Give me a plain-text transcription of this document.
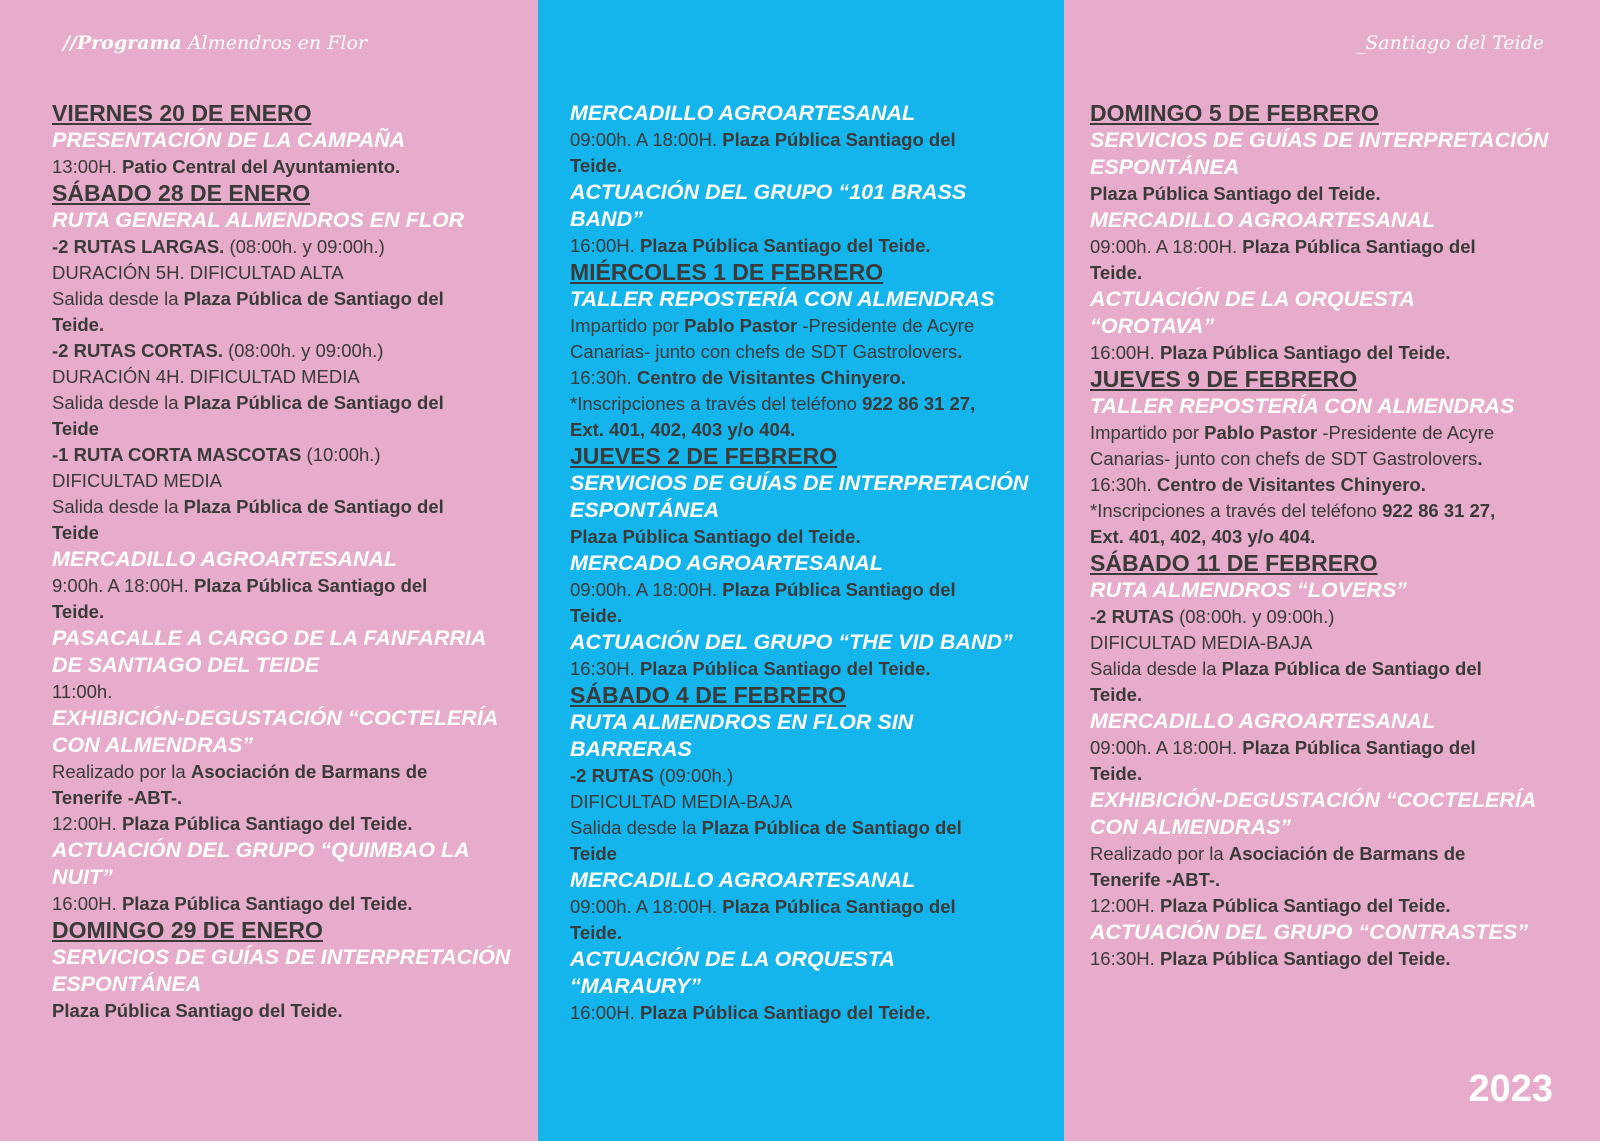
//Programa Almendros en Flor

VIERNES 20 DE ENERO

PRESENTACIÓN DE LA CAMPAÑA

13:00H. Patio Central del Ayuntamiento.

SÁBADO 28 DE ENERO

RUTA GENERAL ALMENDROS EN FLOR

-2 RUTAS LARGAS. (08:00h. y 09:00h.)

DURACIÓN 5H. DIFICULTAD ALTA

Salida desde la Plaza Pública de Santiago del

Teide.

-2 RUTAS CORTAS. (08:00h. y 09:00h.)

DURACIÓN 4H. DIFICULTAD MEDIA

Salida desde la Plaza Pública de Santiago del

Teide

-1 RUTA CORTA MASCOTAS (10:00h.)

DIFICULTAD MEDIA

Salida desde la Plaza Pública de Santiago del

Teide

MERCADILLO AGROARTESANAL

9:00h. A 18:00H. Plaza Pública Santiago del

Teide.

PASACALLE A CARGO DE LA FANFARRIA

DE SANTIAGO DEL TEIDE

11:00h.

EXHIBICIÓN-DEGUSTACIÓN “COCTELERÍA

CON ALMENDRAS”

Realizado por la Asociación de Barmans de

Tenerife -ABT-.

12:00H. Plaza Pública Santiago del Teide.

ACTUACIÓN DEL GRUPO “QUIMBAO LA

NUIT”

16:00H. Plaza Pública Santiago del Teide.

DOMINGO 29 DE ENERO

SERVICIOS DE GUÍAS DE INTERPRETACIÓN

ESPONTÁNEA

Plaza Pública Santiago del Teide.

MERCADILLO AGROARTESANAL

09:00h. A 18:00H. Plaza Pública Santiago del

Teide.

ACTUACIÓN DEL GRUPO “101 BRASS

BAND”

16:00H. Plaza Pública Santiago del Teide.

MIÉRCOLES 1 DE FEBRERO

TALLER REPOSTERÍA CON ALMENDRAS

Impartido por Pablo Pastor -Presidente de Acyre

Canarias- junto con chefs de SDT Gastrolovers.

16:30h. Centro de Visitantes Chinyero.

*Inscripciones a través del teléfono 922 86 31 27,

Ext. 401, 402, 403 y/o 404.

JUEVES 2 DE FEBRERO

SERVICIOS DE GUÍAS DE INTERPRETACIÓN

ESPONTÁNEA

Plaza Pública Santiago del Teide.

MERCADO AGROARTESANAL

09:00h. A 18:00H. Plaza Pública Santiago del

Teide.

ACTUACIÓN DEL GRUPO “THE VID BAND”

16:30H. Plaza Pública Santiago del Teide.

SÁBADO 4 DE FEBRERO

RUTA ALMENDROS EN FLOR SIN

BARRERAS

-2 RUTAS (09:00h.)

DIFICULTAD MEDIA-BAJA

Salida desde la Plaza Pública de Santiago del

Teide

MERCADILLO AGROARTESANAL

09:00h. A 18:00H. Plaza Pública Santiago del

Teide.

ACTUACIÓN DE LA ORQUESTA

“MARAURY”

16:00H. Plaza Pública Santiago del Teide.

_Santiago del Teide

DOMINGO 5 DE FEBRERO

SERVICIOS DE GUÍAS DE INTERPRETACIÓN

ESPONTÁNEA

Plaza Pública Santiago del Teide.

MERCADILLO AGROARTESANAL

09:00h. A 18:00H. Plaza Pública Santiago del

Teide.

ACTUACIÓN DE LA ORQUESTA

“OROTAVA”

16:00H. Plaza Pública Santiago del Teide.

JUEVES 9 DE FEBRERO

TALLER REPOSTERÍA CON ALMENDRAS

Impartido por Pablo Pastor -Presidente de Acyre

Canarias- junto con chefs de SDT Gastrolovers.

16:30h. Centro de Visitantes Chinyero.

*Inscripciones a través del teléfono 922 86 31 27,

Ext. 401, 402, 403 y/o 404.

SÁBADO 11 DE FEBRERO

RUTA ALMENDROS “LOVERS”

-2 RUTAS (08:00h. y 09:00h.)

DIFICULTAD MEDIA-BAJA

Salida desde la Plaza Pública de Santiago del

Teide.

MERCADILLO AGROARTESANAL

09:00h. A 18:00H. Plaza Pública Santiago del

Teide.

EXHIBICIÓN-DEGUSTACIÓN “COCTELERÍA

CON ALMENDRAS”

Realizado por la Asociación de Barmans de

Tenerife -ABT-.

12:00H. Plaza Pública Santiago del Teide.

ACTUACIÓN DEL GRUPO “CONTRASTES”

16:30H. Plaza Pública Santiago del Teide.

2023
